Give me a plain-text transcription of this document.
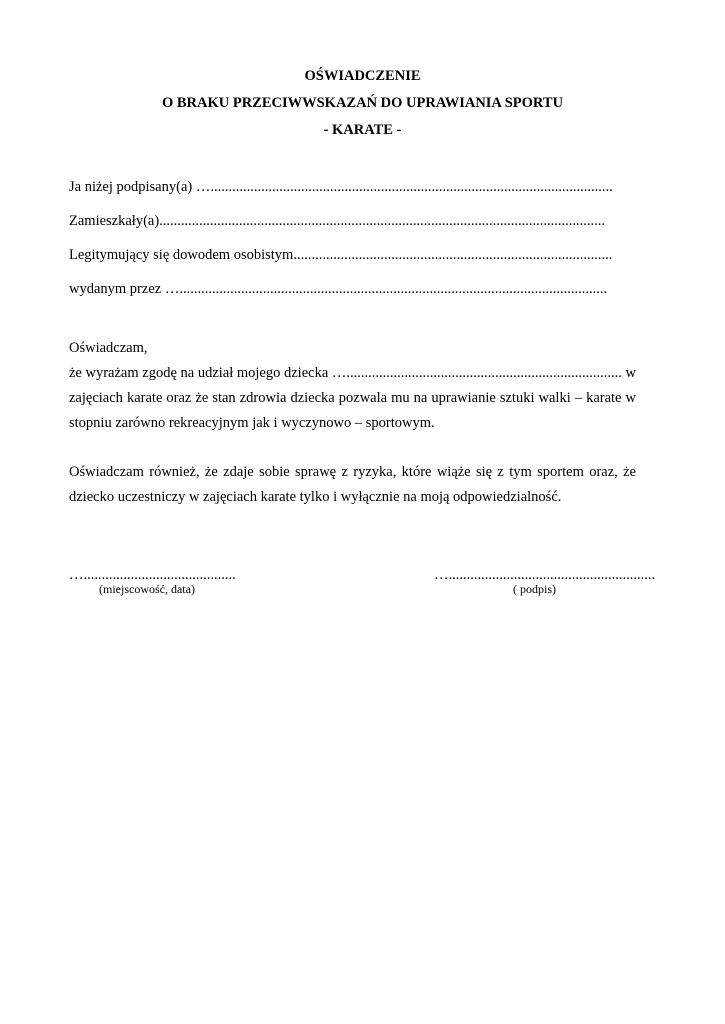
OŚWIADCZENIE
O BRAKU PRZECIWWSKAZAŃ DO UPRAWIANIA SPORTU
- KARATE -
Ja niżej podpisany(a) …...............................................................................................................
Zamieszkały(a)...........................................................................................................................
Legitymujący się dowodem osobistym........................................................................................
wydanym przez …......................................................................................................................
Oświadczam,
że wyrażam zgodę na udział mojego dziecka …............................................................................ w
zajęciach karate oraz że stan zdrowia dziecka pozwala mu na uprawianie sztuki walki – karate w
stopniu zarówno rekreacyjnym jak i wyczynowo – sportowym.
Oświadczam również, że zdaje sobie sprawę z ryzyka, które wiąże się z tym sportem oraz, że
dziecko uczestniczy w zajęciach karate tylko i wyłącznie na moją odpowiedzialność.
…..........................................
(miejscowość, data)
….........................................................
( podpis)
